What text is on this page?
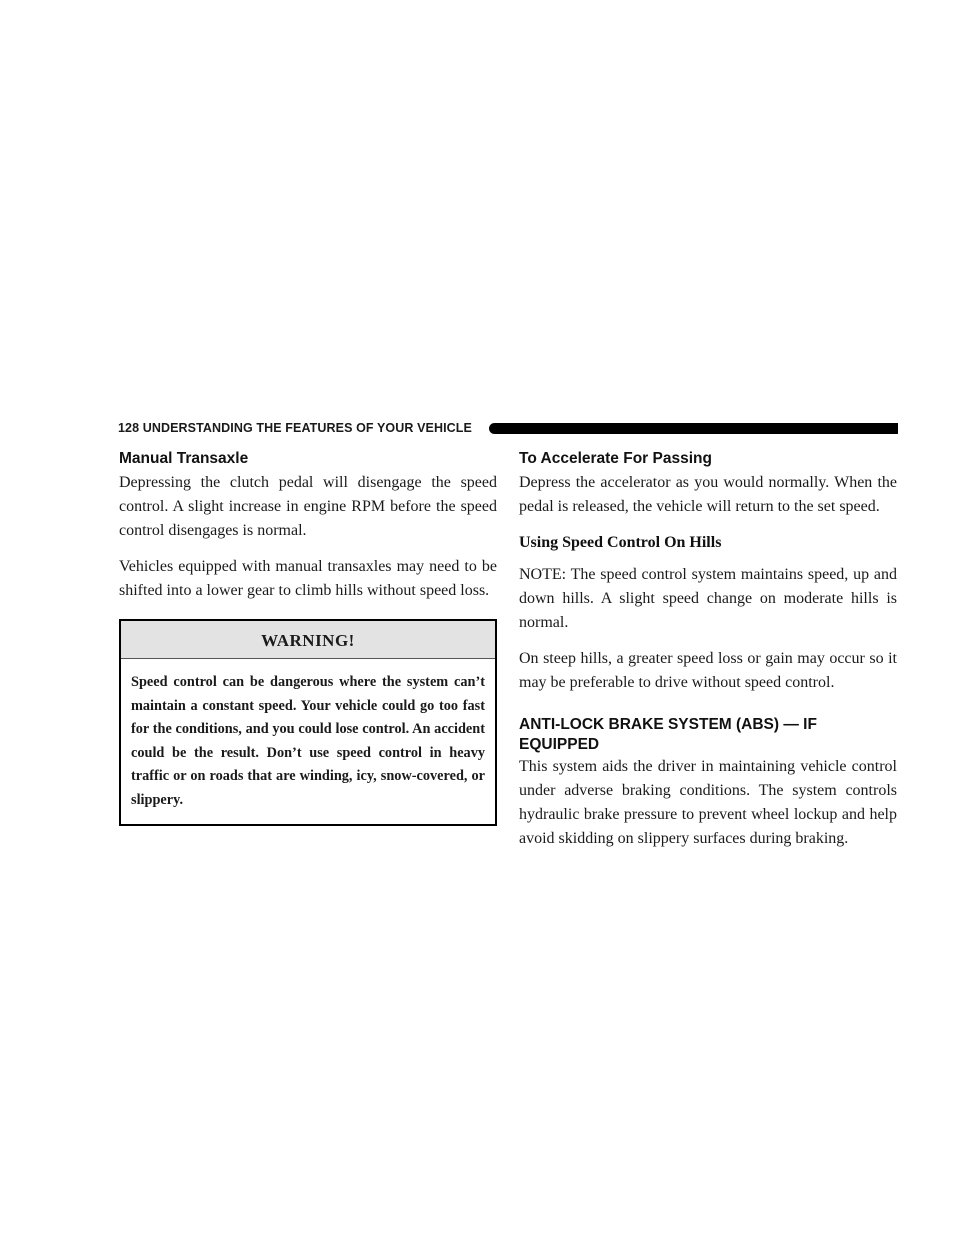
128 UNDERSTANDING THE FEATURES OF YOUR VEHICLE
Manual Transaxle

Depressing the clutch pedal will disengage the speed control. A slight increase in engine RPM before the speed control disengages is normal.

Vehicles equipped with manual transaxles may need to be shifted into a lower gear to climb hills without speed loss.

WARNING!
Speed control can be dangerous where the system can’t maintain a constant speed. Your vehicle could go too fast for the conditions, and you could lose control. An accident could be the result. Don’t use speed control in heavy traffic or on roads that are winding, icy, snow-covered, or slippery.
To Accelerate For Passing

Depress the accelerator as you would normally. When the pedal is released, the vehicle will return to the set speed.

Using Speed Control On Hills

NOTE: The speed control system maintains speed, up and down hills. A slight speed change on moderate hills is normal.

On steep hills, a greater speed loss or gain may occur so it may be preferable to drive without speed control.

ANTI-LOCK BRAKE SYSTEM (ABS) — IF EQUIPPED

This system aids the driver in maintaining vehicle control under adverse braking conditions. The system controls hydraulic brake pressure to prevent wheel lockup and help avoid skidding on slippery surfaces during braking.
